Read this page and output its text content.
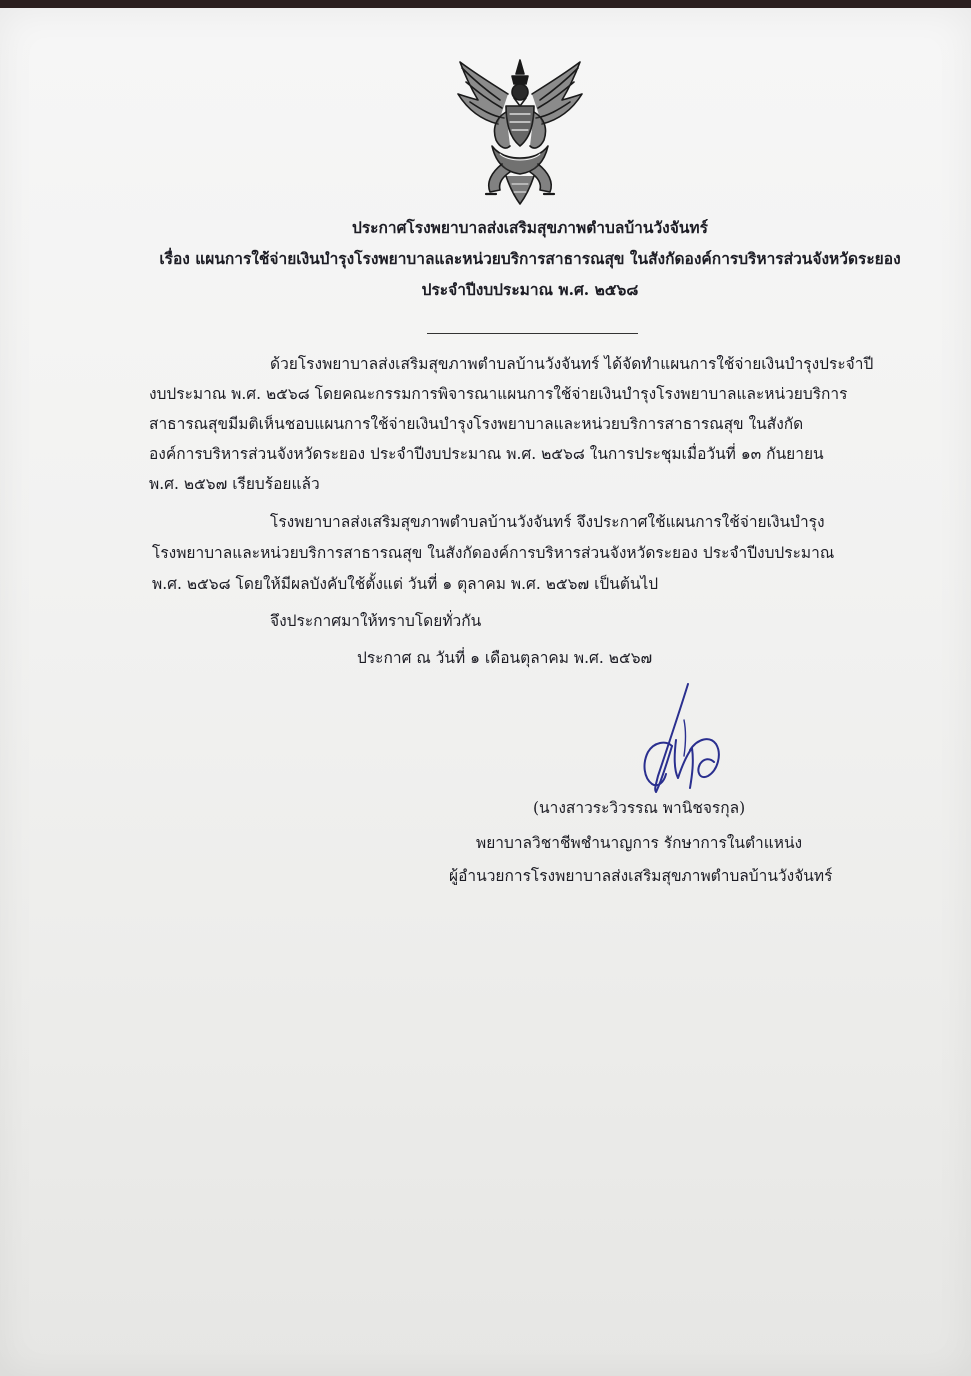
ประกาศโรงพยาบาลส่งเสริมสุขภาพตำบลบ้านวังจันทร์
เรื่อง แผนการใช้จ่ายเงินบำรุงโรงพยาบาลและหน่วยบริการสาธารณสุข ในสังกัดองค์การบริหารส่วนจังหวัดระยอง
ประจำปีงบประมาณ พ.ศ. ๒๕๖๘
ด้วยโรงพยาบาลส่งเสริมสุขภาพตำบลบ้านวังจันทร์ ได้จัดทำแผนการใช้จ่ายเงินบำรุงประจำปี
งบประมาณ พ.ศ. ๒๕๖๘ โดยคณะกรรมการพิจารณาแผนการใช้จ่ายเงินบำรุงโรงพยาบาลและหน่วยบริการ
สาธารณสุขมีมติเห็นชอบแผนการใช้จ่ายเงินบำรุงโรงพยาบาลและหน่วยบริการสาธารณสุข ในสังกัด
องค์การบริหารส่วนจังหวัดระยอง ประจำปีงบประมาณ พ.ศ. ๒๕๖๘ ในการประชุมเมื่อวันที่ ๑๓ กันยายน
พ.ศ. ๒๕๖๗ เรียบร้อยแล้ว
โรงพยาบาลส่งเสริมสุขภาพตำบลบ้านวังจันทร์ จึงประกาศใช้แผนการใช้จ่ายเงินบำรุง
โรงพยาบาลและหน่วยบริการสาธารณสุข ในสังกัดองค์การบริหารส่วนจังหวัดระยอง ประจำปีงบประมาณ
พ.ศ. ๒๕๖๘ โดยให้มีผลบังคับใช้ตั้งแต่ วันที่ ๑ ตุลาคม พ.ศ. ๒๕๖๗ เป็นต้นไป
จึงประกาศมาให้ทราบโดยทั่วกัน
ประกาศ ณ วันที่ ๑ เดือนตุลาคม พ.ศ. ๒๕๖๗
(นางสาวระวิวรรณ พานิชจรกุล)
พยาบาลวิชาชีพชำนาญการ รักษาการในตำแหน่ง
ผู้อำนวยการโรงพยาบาลส่งเสริมสุขภาพตำบลบ้านวังจันทร์
